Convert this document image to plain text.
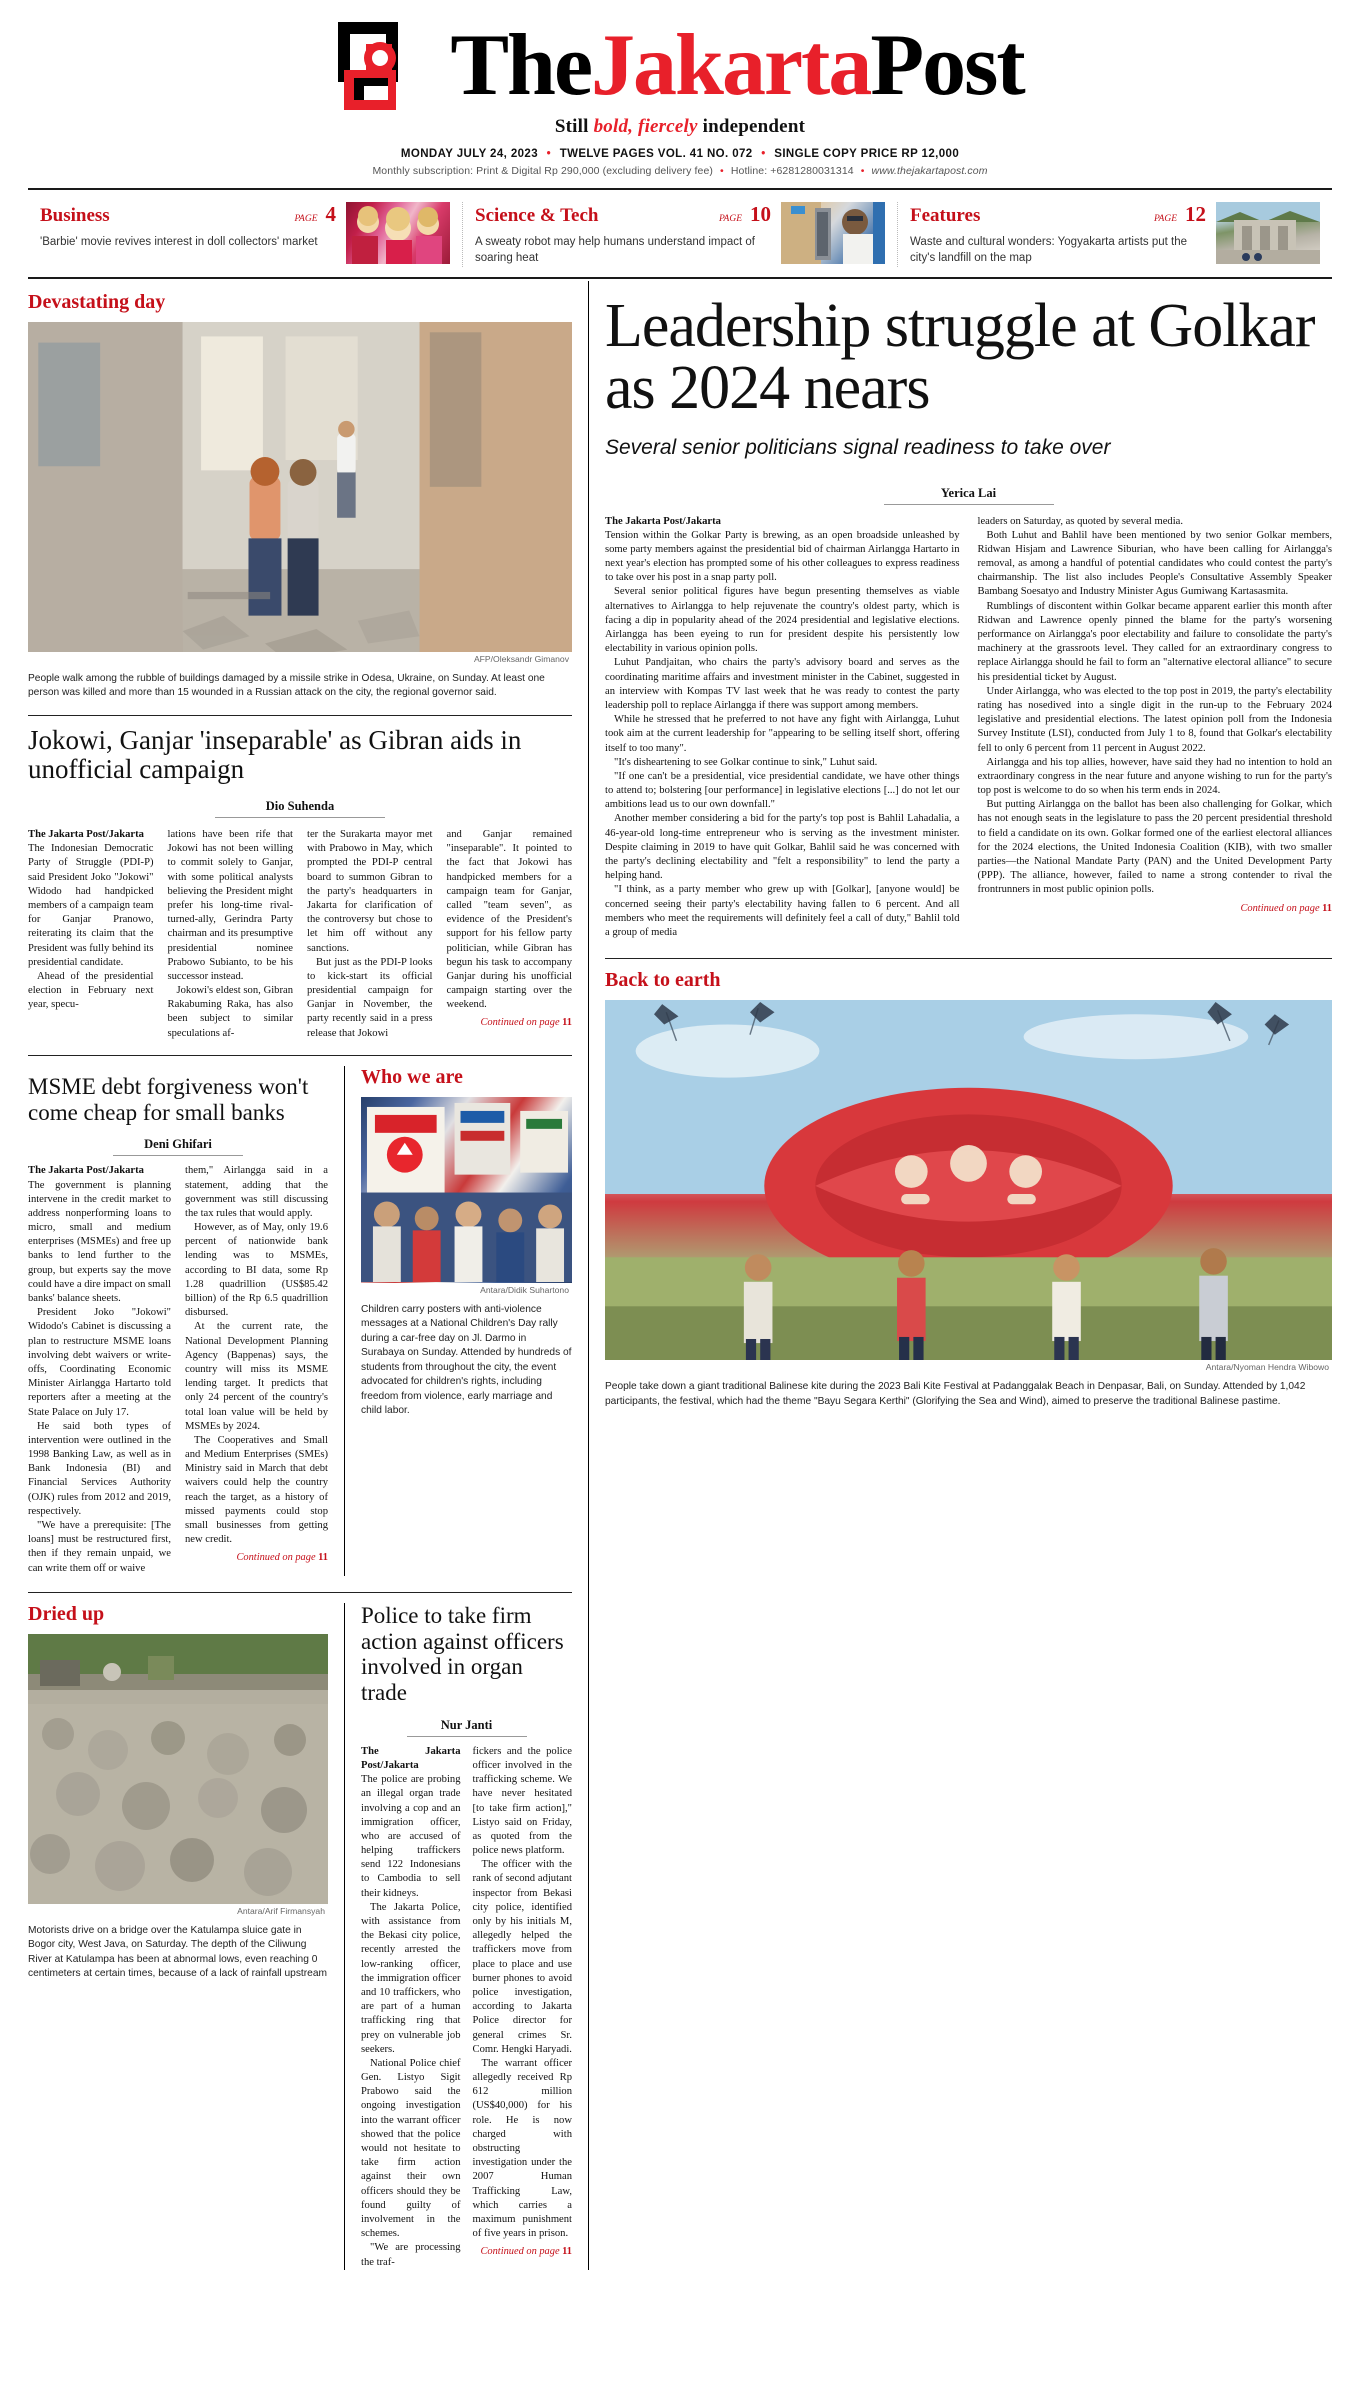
TheJakartaPost
Still bold, fiercely independent
MONDAY JULY 24, 2023 • TWELVE PAGES VOL. 41 NO. 072 • SINGLE COPY PRICE RP 12,000
Monthly subscription: Print & Digital Rp 290,000 (excluding delivery fee) • Hotline: +6281280031314 • www.thejakartapost.com
Business	PAGE 4
'Barbie' movie revives interest in doll collectors' market
Science & Tech	PAGE 10
A sweaty robot may help humans understand impact of soaring heat
Features	PAGE 12
Waste and cultural wonders: Yogyakarta artists put the city's landfill on the map
Devastating day
AFP/Oleksandr Gimanov
People walk among the rubble of buildings damaged by a missile strike in Odesa, Ukraine, on Sunday. At least one person was killed and more than 15 wounded in a Russian attack on the city, the regional governor said.
Jokowi, Ganjar 'inseparable' as Gibran aids in unofficial campaign
Dio Suhenda

The Jakarta Post/Jakarta

The Indonesian Democratic Party of Struggle (PDI-P) said President Joko "Jokowi" Widodo had handpicked members of a campaign team for Ganjar Pranowo, reiterating its claim that the President was fully behind its presidential candidate.

Ahead of the presidential election in February next year, specu-

lations have been rife that Jokowi has not been willing to commit solely to Ganjar, with some political analysts believing the President might prefer his long-time rival-turned-ally, Gerindra Party chairman and its presumptive presidential nominee Prabowo Subianto, to be his successor instead.

Jokowi's eldest son, Gibran Rakabuming Raka, has also been subject to similar speculations af-

ter the Surakarta mayor met with Prabowo in May, which prompted the PDI-P central board to summon Gibran to the party's headquarters in Jakarta for clarification of the controversy but chose to let him off without any sanctions.

But just as the PDI-P looks to kick-start its official presidential campaign for Ganjar in November, the party recently said in a press release that Jokowi

and Ganjar remained "inseparable". It pointed to the fact that Jokowi has handpicked members for a campaign team for Ganjar, called "team seven", as evidence of the President's support for his fellow party politician, while Gibran has begun his task to accompany Ganjar during his unofficial campaign starting over the weekend.

Continued on page 11
MSME debt forgiveness won't come cheap for small banks
Deni Ghifari

The Jakarta Post/Jakarta

The government is planning intervene in the credit market to address nonperforming loans to micro, small and medium enterprises (MSMEs) and free up banks to lend further to the group, but experts say the move could have a dire impact on small banks' balance sheets.

President Joko "Jokowi" Widodo's Cabinet is discussing a plan to restructure MSME loans involving debt waivers or write-offs, Coordinating Economic Minister Airlangga Hartarto told reporters after a meeting at the State Palace on July 17.

He said both types of intervention were outlined in the 1998 Banking Law, as well as in Bank Indonesia (BI) and Financial Services Authority (OJK) rules from 2012 and 2019, respectively.

"We have a prerequisite: [The loans] must be restructured first, then if they remain unpaid, we can write them off or waive

them," Airlangga said in a statement, adding that the government was still discussing the tax rules that would apply.

However, as of May, only 19.6 percent of nationwide bank lending was to MSMEs, according to BI data, some Rp 1.28 quadrillion (US$85.42 billion) of the Rp 6.5 quadrillion disbursed.

At the current rate, the National Development Planning Agency (Bappenas) says, the country will miss its MSME lending target. It predicts that only 24 percent of the country's total loan value will be held by MSMEs by 2024.

The Cooperatives and Small and Medium Enterprises (SMEs) Ministry said in March that debt waivers could help the country reach the target, as a history of missed payments could stop small businesses from getting new credit.

Continued on page 11
Who we are
Antara/Didik Suhartono
Children carry posters with anti-violence messages at a National Children's Day rally during a car-free day on Jl. Darmo in Surabaya on Sunday. Attended by hundreds of students from throughout the city, the event advocated for children's rights, including freedom from violence, early marriage and child labor.
Dried up
Antara/Arif Firmansyah
Motorists drive on a bridge over the Katulampa sluice gate in Bogor city, West Java, on Saturday. The depth of the Ciliwung River at Katulampa has been at abnormal lows, even reaching 0 centimeters at certain times, because of a lack of rainfall upstream
Police to take firm action against officers involved in organ trade
Nur Janti

The Jakarta Post/Jakarta

The police are probing an illegal organ trade involving a cop and an immigration officer, who are accused of helping traffickers send 122 Indonesians to Cambodia to sell their kidneys.

The Jakarta Police, with assistance from the Bekasi city police, recently arrested the low-ranking officer, the immigration officer and 10 traffickers, who are part of a human trafficking ring that prey on vulnerable job seekers.

National Police chief Gen. Listyo Sigit Prabowo said the ongoing investigation into the warrant officer showed that the police would not hesitate to take firm action against their own officers should they be found guilty of involvement in the schemes.

"We are processing the traf-

fickers and the police officer involved in the trafficking scheme. We have never hesitated [to take firm action]," Listyo said on Friday, as quoted from the police news platform.

The officer with the rank of second adjutant inspector from Bekasi city police, identified only by his initials M, allegedly helped the traffickers move from place to place and use burner phones to avoid police investigation, according to Jakarta Police director for general crimes Sr. Comr. Hengki Haryadi.

The warrant officer allegedly received Rp 612 million (US$40,000) for his role. He is now charged with obstructing investigation under the 2007 Human Trafficking Law, which carries a maximum punishment of five years in prison.

Continued on page 11
Leadership struggle at Golkar as 2024 nears
Several senior politicians signal readiness to take over
Yerica Lai

The Jakarta Post/Jakarta

Tension within the Golkar Party is brewing, as an open broadside unleashed by some party members against the presidential bid of chairman Airlangga Hartarto in next year's election has prompted some of his other colleagues to express readiness to take over his post in a snap party poll.

Several senior political figures have begun presenting themselves as viable alternatives to Airlangga to help rejuvenate the country's oldest party, which is facing a dip in popularity ahead of the 2024 presidential and legislative elections. Airlangga has been eyeing to run for president despite his persistently low electability in various opinion polls.

Luhut Pandjaitan, who chairs the party's advisory board and serves as the coordinating maritime affairs and investment minister in the Cabinet, suggested in an interview with Kompas TV last week that he was ready to contest the party leadership poll to replace Airlangga if there was support among members.

While he stressed that he preferred to not have any fight with Airlangga, Luhut took aim at the current leadership for "appearing to be selling itself short, offering itself to too many".

"It's disheartening to see Golkar continue to sink," Luhut said.

"If one can't be a presidential, vice presidential candidate, we have other things to attend to; bolstering [our performance] in legislative elections [...] do not let our ambitions lead us to our own downfall."

Another member considering a bid for the party's top post is Bahlil Lahadalia, a 46-year-old long-time entrepreneur who is serving as the investment minister. Despite claiming in 2019 to have quit Golkar, Bahlil said he was concerned with the party's declining electability and "felt a responsibility" to lend the party a helping hand.

"I think, as a party member who grew up with [Golkar], [anyone would] be concerned seeing their party's electability having fallen to 6 percent. And all members who meet the requirements will definitely feel a call of duty," Bahlil told a group of media

leaders on Saturday, as quoted by several media.

Both Luhut and Bahlil have been mentioned by two senior Golkar members, Ridwan Hisjam and Lawrence Siburian, who have been calling for Airlangga's removal, as among a handful of potential candidates who could contest the party's chairmanship. The list also includes People's Consultative Assembly Speaker Bambang Soesatyo and Industry Minister Agus Gumiwang Kartasasmita.

Rumblings of discontent within Golkar became apparent earlier this month after Ridwan and Lawrence openly pinned the blame for the party's worsening performance on Airlangga's poor electability and failure to consolidate the party's machinery at the grassroots level. They called for an extraordinary congress to replace Airlangga should he fail to form an "alternative electoral alliance" to secure his presidential ticket by August.

Under Airlangga, who was elected to the top post in 2019, the party's electability rating has nosedived into a single digit in the run-up to the February 2024 legislative and presidential elections. The latest opinion poll from the Indonesia Survey Institute (LSI), conducted from July 1 to 8, found that Golkar's electability fell to only 6 percent from 11 percent in August 2022.

Airlangga and his top allies, however, have said they had no intention to hold an extraordinary congress in the near future and anyone wishing to run for the party's top post is welcome to do so when his term ends in 2024.

But putting Airlangga on the ballot has been also challenging for Golkar, which has not enough seats in the legislature to pass the 20 percent presidential threshold to field a candidate on its own. Golkar formed one of the earliest electoral alliances for the 2024 elections, the United Indonesia Coalition (KIB), with two smaller parties—the National Mandate Party (PAN) and the United Development Party (PPP). The alliance, however, failed to name a strong contender to rival the frontrunners in most public opinion polls.

Continued on page 11
Back to earth
Antara/Nyoman Hendra Wibowo
People take down a giant traditional Balinese kite during the 2023 Bali Kite Festival at Padanggalak Beach in Denpasar, Bali, on Sunday. Attended by 1,042 participants, the festival, which had the theme "Bayu Segara Kerthi" (Glorifying the Sea and Wind), aimed to preserve the traditional Balinese pastime.
